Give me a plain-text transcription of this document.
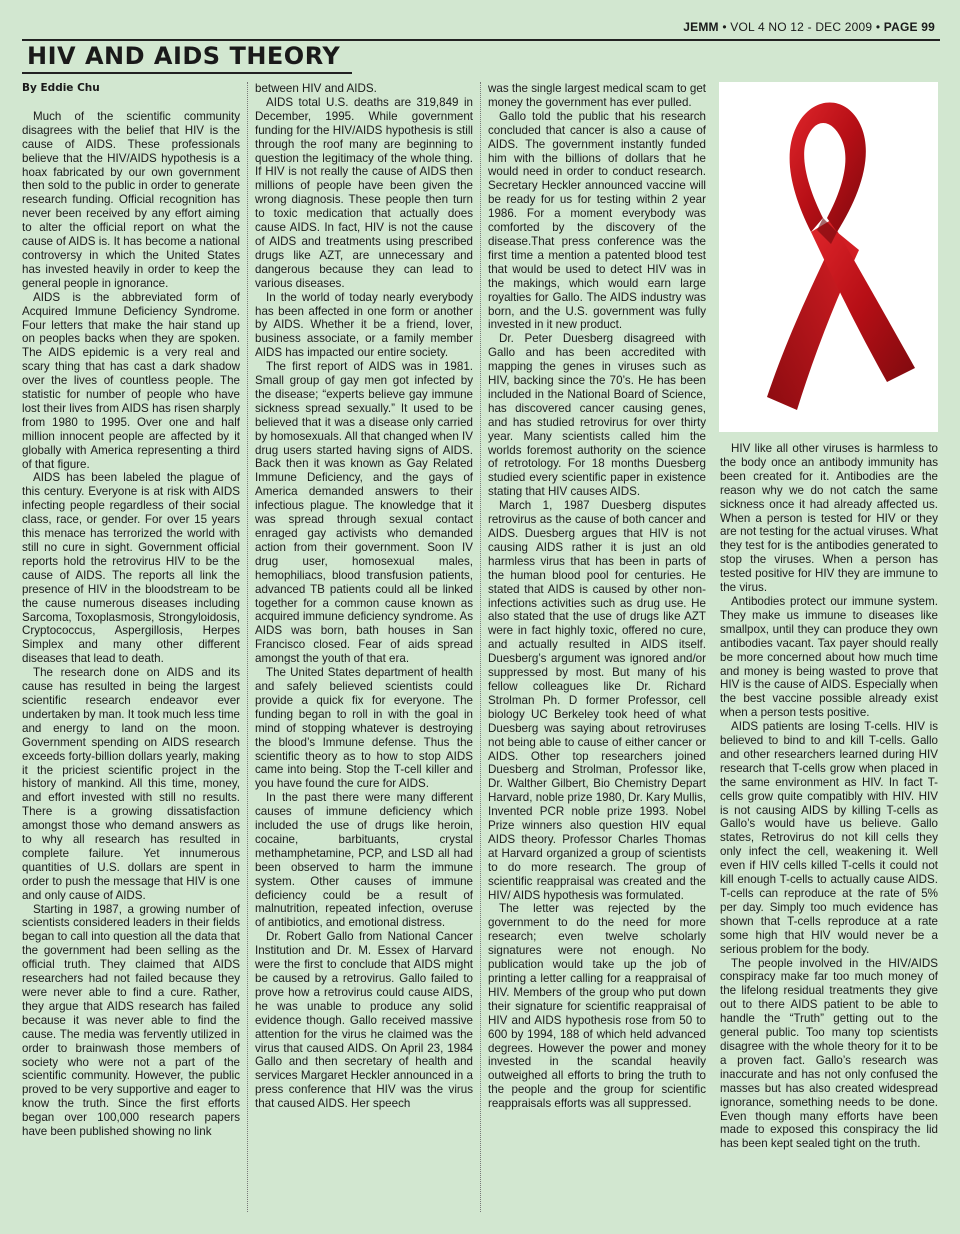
JEMM • VOL 4 NO 12 - DEC 2009 • PAGE 99
HIV AND AIDS THEORY

By Eddie Chu

Much of the scientific community disagrees with the belief that HIV is the cause of AIDS. These professionals believe that the HIV/AIDS hypothesis is a hoax fabricated by our own government then sold to the public in order to generate research funding. Official recognition has never been received by any effort aiming to alter the official report on what the cause of AIDS is. It has become a national controversy in which the United States has invested heavily in order to keep the general people in ignorance.

AIDS is the abbreviated form of Acquired Immune Deficiency Syndrome. Four letters that make the hair stand up on peoples backs when they are spoken. The AIDS epidemic is a very real and scary thing that has cast a dark shadow over the lives of countless people. The statistic for number of people who have lost their lives from AIDS has risen sharply from 1980 to 1995. Over one and half million innocent people are affected by it globally with America representing a third of that figure.

AIDS has been labeled the plague of this century. Everyone is at risk with AIDS infecting people regardless of their social class, race, or gender. For over 15 years this menace has terrorized the world with still no cure in sight. Government official reports hold the retrovirus HIV to be the cause of AIDS. The reports all link the presence of HIV in the bloodstream to be the cause numerous diseases including Sarcoma, Toxoplasmosis, Strongyloidosis, Cryptococcus, Aspergillosis, Herpes Simplex and many other different diseases that lead to death.

The research done on AIDS and its cause has resulted in being the largest scientific research endeavor ever undertaken by man. It took much less time and energy to land on the moon. Government spending on AIDS research exceeds forty-billion dollars yearly, making it the priciest scientific project in the history of mankind. All this time, money, and effort invested with still no results. There is a growing dissatisfaction amongst those who demand answers as to why all research has resulted in complete failure. Yet innumerous quantities of U.S. dollars are spent in order to push the message that HIV is one and only cause of AIDS.

Starting in 1987, a growing number of scientists considered leaders in their fields began to call into question all the data that the government had been selling as the official truth. They claimed that AIDS researchers had not failed because they were never able to find a cure. Rather, they argue that AIDS research has failed because it was never able to find the cause. The media was fervently utilized in order to brainwash those members of society who were not a part of the scientific community. However, the public proved to be very supportive and eager to know the truth. Since the first efforts began over 100,000 research papers have been published showing no link

between HIV and AIDS.

AIDS total U.S. deaths are 319,849 in December, 1995. While government funding for the HIV/AIDS hypothesis is still through the roof many are beginning to question the legitimacy of the whole thing. If HIV is not really the cause of AIDS then millions of people have been given the wrong diagnosis. These people then turn to toxic medication that actually does cause AIDS. In fact, HIV is not the cause of AIDS and treatments using prescribed drugs like AZT, are unnecessary and dangerous because they can lead to various diseases.

In the world of today nearly everybody has been affected in one form or another by AIDS. Whether it be a friend, lover, business associate, or a family member AIDS has impacted our entire society.

The first report of AIDS was in 1981. Small group of gay men got infected by the disease; “experts believe gay immune sickness spread sexually.” It used to be believed that it was a disease only carried by homosexuals. All that changed when IV drug users started having signs of AIDS. Back then it was known as Gay Related Immune Deficiency, and the gays of America demanded answers to their infectious plague. The knowledge that it was spread through sexual contact enraged gay activists who demanded action from their government. Soon IV drug user, homosexual males, hemophiliacs, blood transfusion patients, advanced TB patients could all be linked together for a common cause known as acquired immune deficiency syndrome. As AIDS was born, bath houses in San Francisco closed. Fear of aids spread amongst the youth of that era.

The United States department of health and safely believed scientists could provide a quick fix for everyone. The funding began to roll in with the goal in mind of stopping whatever is destroying the blood’s Immune defense. Thus the scientific theory as to how to stop AIDS came into being. Stop the T-cell killer and you have found the cure for AIDS.

In the past there were many different causes of immune deficiency which included the use of drugs like heroin, cocaine, barbituants, crystal methamphetamine, PCP, and LSD all had been observed to harm the immune system. Other causes of immune deficiency could be a result of malnutrition, repeated infection, overuse of antibiotics, and emotional distress.

Dr. Robert Gallo from National Cancer Institution and Dr. M. Essex of Harvard were the first to conclude that AIDS might be caused by a retrovirus. Gallo failed to prove how a retrovirus could cause AIDS, he was unable to produce any solid evidence though. Gallo received massive attention for the virus he claimed was the virus that caused AIDS. On April 23, 1984 Gallo and then secretary of health and services Margaret Heckler announced in a press conference that HIV was the virus that caused AIDS. Her speech

was the single largest medical scam to get money the government has ever pulled.

Gallo told the public that his research concluded that cancer is also a cause of AIDS. The government instantly funded him with the billions of dollars that he would need in order to conduct research. Secretary Heckler announced vaccine will be ready for us for testing within 2 year 1986. For a moment everybody was comforted by the discovery of the disease.That press conference was the first time a mention a patented blood test that would be used to detect HIV was in the makings, which would earn large royalties for Gallo. The AIDS industry was born, and the U.S. government was fully invested in it new product.

Dr. Peter Duesberg disagreed with Gallo and has been accredited with mapping the genes in viruses such as HIV, backing since the 70’s. He has been included in the National Board of Science, has discovered cancer causing genes, and has studied retrovirus for over thirty year. Many scientists called him the worlds foremost authority on the science of retrotology. For 18 months Duesberg studied every scientific paper in existence stating that HIV causes AIDS.

March 1, 1987 Duesberg disputes retrovirus as the cause of both cancer and AIDS. Duesberg argues that HIV is not causing AIDS rather it is just an old harmless virus that has been in parts of the human blood pool for centuries. He stated that AIDS is caused by other non-infections activities such as drug use. He also stated that the use of drugs like AZT were in fact highly toxic, offered no cure, and actually resulted in AIDS itself. Duesberg’s argument was ignored and/or suppressed by most. But many of his fellow colleagues like Dr. Richard Strolman Ph. D former Professor, cell biology UC Berkeley took heed of what Duesberg was saying about retroviruses not being able to cause of either cancer or AIDS. Other top researchers joined Duesberg and Strolman, Professor like, Dr. Walther Gilbert, Bio Chemistry Depart Harvard, noble prize 1980, Dr. Kary Mullis, Invented PCR noble prize 1993. Nobel Prize winners also question HIV equal AIDS theory. Professor Charles Thomas at Harvard organized a group of scientists to do more research. The group of scientific reappraisal was created and the HIV/ AIDS hypothesis was formulated.

The letter was rejected by the government to do the need for more research; even twelve scholarly signatures were not enough. No publication would take up the job of printing a letter calling for a reappraisal of HIV. Members of the group who put down their signature for scientific reappraisal of HIV and AIDS hypothesis rose from 50 to 600 by 1994, 188 of which held advanced degrees. However the power and money invested in the scandal heavily outweighed all efforts to bring the truth to the people and the group for scientific reappraisals efforts was all suppressed.

HIV like all other viruses is harmless to the body once an antibody immunity has been created for it. Antibodies are the reason why we do not catch the same sickness once it had already affected us. When a person is tested for HIV or they are not testing for the actual viruses. What they test for is the antibodies generated to stop the viruses. When a person has tested positive for HIV they are immune to the virus.

Antibodies protect our immune system. They make us immune to diseases like smallpox, until they can produce they own antibodies vacant. Tax payer should really be more concerned about how much time and money is being wasted to prove that HIV is the cause of AIDS. Especially when the best vaccine possible already exist when a person tests positive.

AIDS patients are losing T-cells. HIV is believed to bind to and kill T-cells. Gallo and other researchers learned during HIV research that T-cells grow when placed in the same environment as HIV. In fact T-cells grow quite compatibly with HIV. HIV is not causing AIDS by killing T-cells as Gallo’s would have us believe. Gallo states, Retrovirus do not kill cells they only infect the cell, weakening it. Well even if HIV cells killed T-cells it could not kill enough T-cells to actually cause AIDS. T-cells can reproduce at the rate of 5% per day. Simply too much evidence has shown that T-cells reproduce at a rate some high that HIV would never be a serious problem for the body.

The people involved in the HIV/AIDS conspiracy make far too much money of the lifelong residual treatments they give out to there AIDS patient to be able to handle the “Truth” getting out to the general public. Too many top scientists disagree with the whole theory for it to be a proven fact. Gallo’s research was inaccurate and has not only confused the masses but has also created widespread ignorance, something needs to be done. Even though many efforts have been made to exposed this conspiracy the lid has been kept sealed tight on the truth.
